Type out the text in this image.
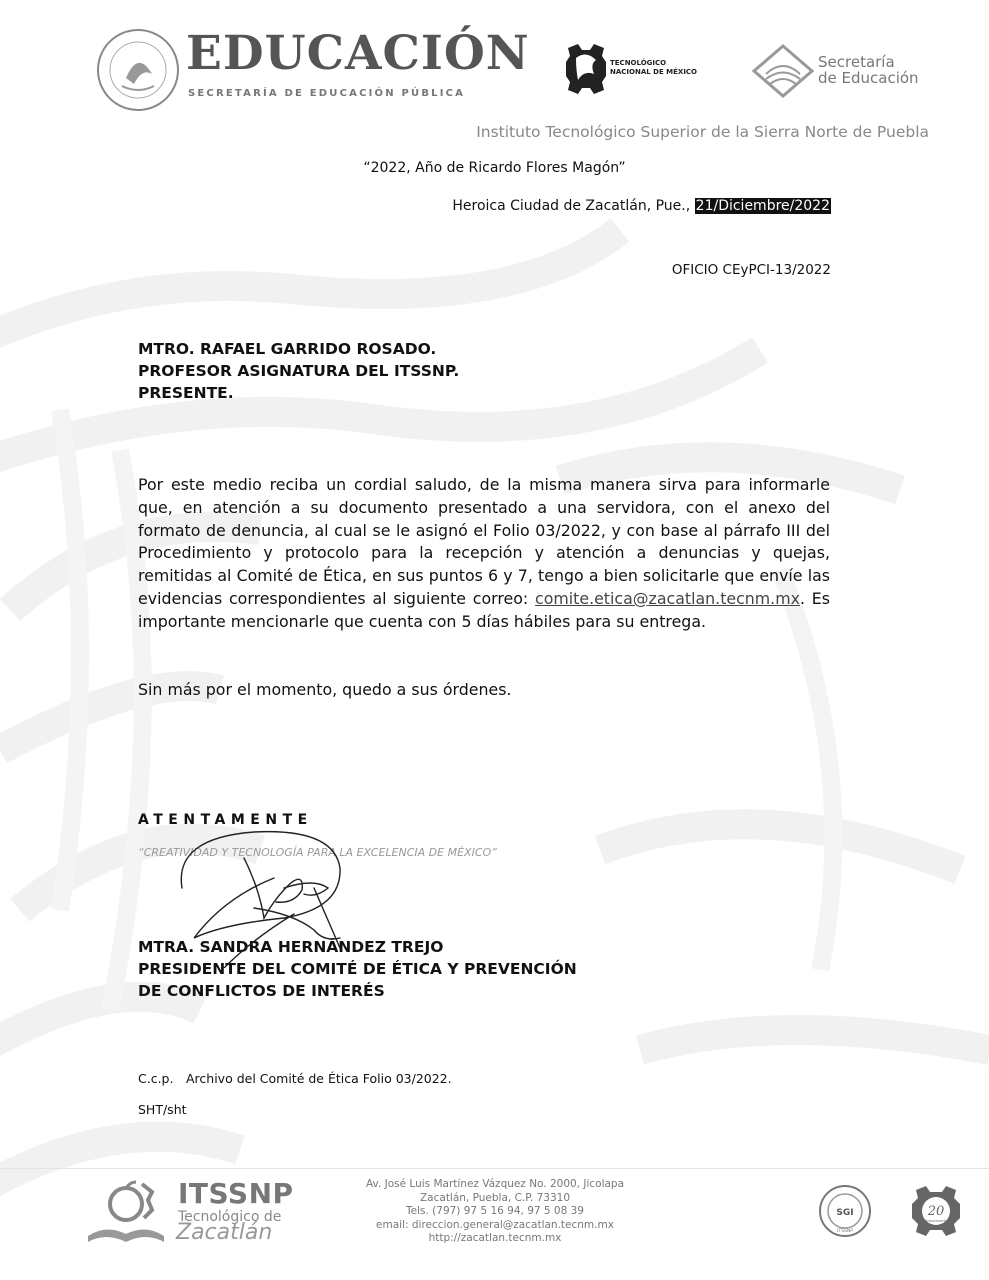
EDUCACIÓN
SECRETARÍA DE EDUCACIÓN PÚBLICA
TECNOLÓGICO
NACIONAL DE MÉXICO
Secretaría
de Educación
Instituto Tecnológico Superior de la Sierra Norte de Puebla
“2022, Año de Ricardo Flores Magón”
Heroica Ciudad de Zacatlán, Pue., 21/Diciembre/2022
OFICIO CEyPCI-13/2022
MTRO. RAFAEL GARRIDO ROSADO.
PROFESOR ASIGNATURA DEL ITSSNP.
PRESENTE.
Por este medio reciba un cordial saludo, de la misma manera sirva para informarle que, en atención a su documento presentado a una servidora, con el anexo del formato de denuncia, al cual se le asignó el Folio 03/2022, y con base al párrafo III del Procedimiento y protocolo para la recepción y atención a denuncias y quejas, remitidas al Comité de Ética, en sus puntos 6 y 7, tengo a bien solicitarle que envíe las evidencias correspondientes al siguiente correo: comite.etica@zacatlan.tecnm.mx. Es importante mencionarle que cuenta con 5 días hábiles para su entrega.
Sin más por el momento, quedo a sus órdenes.
ATENTAMENTE
“CREATIVIDAD Y TECNOLOGÍA PARA LA EXCELENCIA DE MÉXICO”
MTRA. SANDRA HERNÁNDEZ TREJO
PRESIDENTE DEL COMITÉ DE ÉTICA Y PREVENCIÓN
DE CONFLICTOS DE INTERÉS
C.c.p. Archivo del Comité de Ética Folio 03/2022.
SHT/sht
ITSSNP
Tecnológico de
Zacatlán
Av. José Luis Martínez Vázquez No. 2000, Jicolapa
Zacatlán, Puebla, C.P. 73310
Tels. (797) 97 5 16 94, 97 5 08 39
email: direccion.general@zacatlan.tecnm.mx
http://zacatlan.tecnm.mx
SGI
ITSSNP
20
Aniversario
